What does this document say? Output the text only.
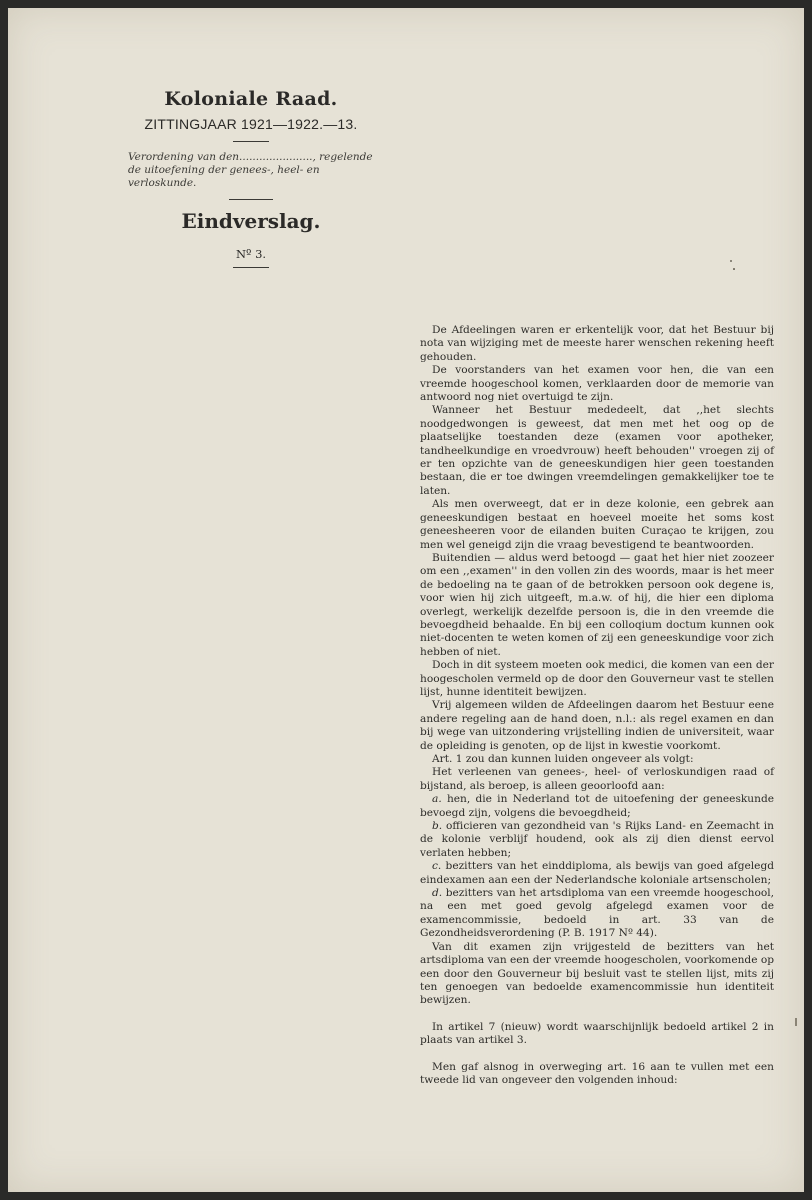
Koloniale Raad.
ZITTINGJAAR 1921—1922.—13.
Verordening van den......................, regelende de uitoefening der genees-, heel- en verloskunde.
Eindverslag.
Nº 3.

De Afdeelingen waren er erkentelijk voor, dat het Bestuur bij nota van wijziging met de meeste harer wenschen rekening heeft gehouden.

De voorstanders van het examen voor hen, die van een vreemde hoogeschool komen, verklaarden door de memorie van antwoord nog niet overtuigd te zijn.

Wanneer het Bestuur mededeelt, dat ,,het slechts noodgedwongen is geweest, dat men met het oog op de plaatselijke toestanden deze (examen voor apotheker, tandheelkundige en vroedvrouw) heeft behouden'' vroegen zij of er ten opzichte van de geneeskundigen hier geen toestanden bestaan, die er toe dwingen vreemdelingen gemakkelijker toe te laten.

Als men overweegt, dat er in deze kolonie, een gebrek aan geneeskundigen bestaat en hoeveel moeite het soms kost geneesheeren voor de eilanden buiten Curaçao te krijgen, zou men wel geneigd zijn die vraag bevestigend te beantwoorden.

Buitendien — aldus werd betoogd — gaat het hier niet zoozeer om een ,,examen'' in den vollen zin des woords, maar is het meer de bedoeling na te gaan of de betrokken persoon ook degene is, voor wien hij zich uitgeeft, m.a.w. of hij, die hier een diploma overlegt, werkelijk dezelfde persoon is, die in den vreemde die bevoegdheid behaalde. En bij een colloqium doctum kunnen ook niet-docenten te weten komen of zij een geneeskundige voor zich hebben of niet.

Doch in dit systeem moeten ook medici, die komen van een der hoogescholen vermeld op de door den Gouverneur vast te stellen lijst, hunne identiteit bewijzen.

Vrij algemeen wilden de Afdeelingen daarom het Bestuur eene andere regeling aan de hand doen, n.l.: als regel examen en dan bij wege van uitzondering vrijstelling indien de universiteit, waar de opleiding is genoten, op de lijst in kwestie voorkomt.

Art. 1 zou dan kunnen luiden ongeveer als volgt:

Het verleenen van genees-, heel- of verloskundigen raad of bijstand, als beroep, is alleen geoorloofd aan:

a. hen, die in Nederland tot de uitoefening der geneeskunde bevoegd zijn, volgens die bevoegdheid;

b. officieren van gezondheid van 's Rijks Land- en Zeemacht in de kolonie verblijf houdend, ook als zij dien dienst eervol verlaten hebben;

c. bezitters van het einddiploma, als bewijs van goed afgelegd eindexamen aan een der Nederlandsche koloniale artsenscholen;

d. bezitters van het artsdiploma van een vreemde hoogeschool, na een met goed gevolg afgelegd examen voor de examencommissie, bedoeld in art. 33 van de Gezondheidsverordening (P. B. 1917 Nº 44).

Van dit examen zijn vrijgesteld de bezitters van het artsdiploma van een der vreemde hoogescholen, voorkomende op een door den Gouverneur bij besluit vast te stellen lijst, mits zij ten genoegen van bedoelde examencommissie hun identiteit bewijzen.

In artikel 7 (nieuw) wordt waarschijnlijk bedoeld artikel 2 in plaats van artikel 3.

Men gaf alsnog in overweging art. 16 aan te vullen met een tweede lid van ongeveer den volgenden inhoud:
